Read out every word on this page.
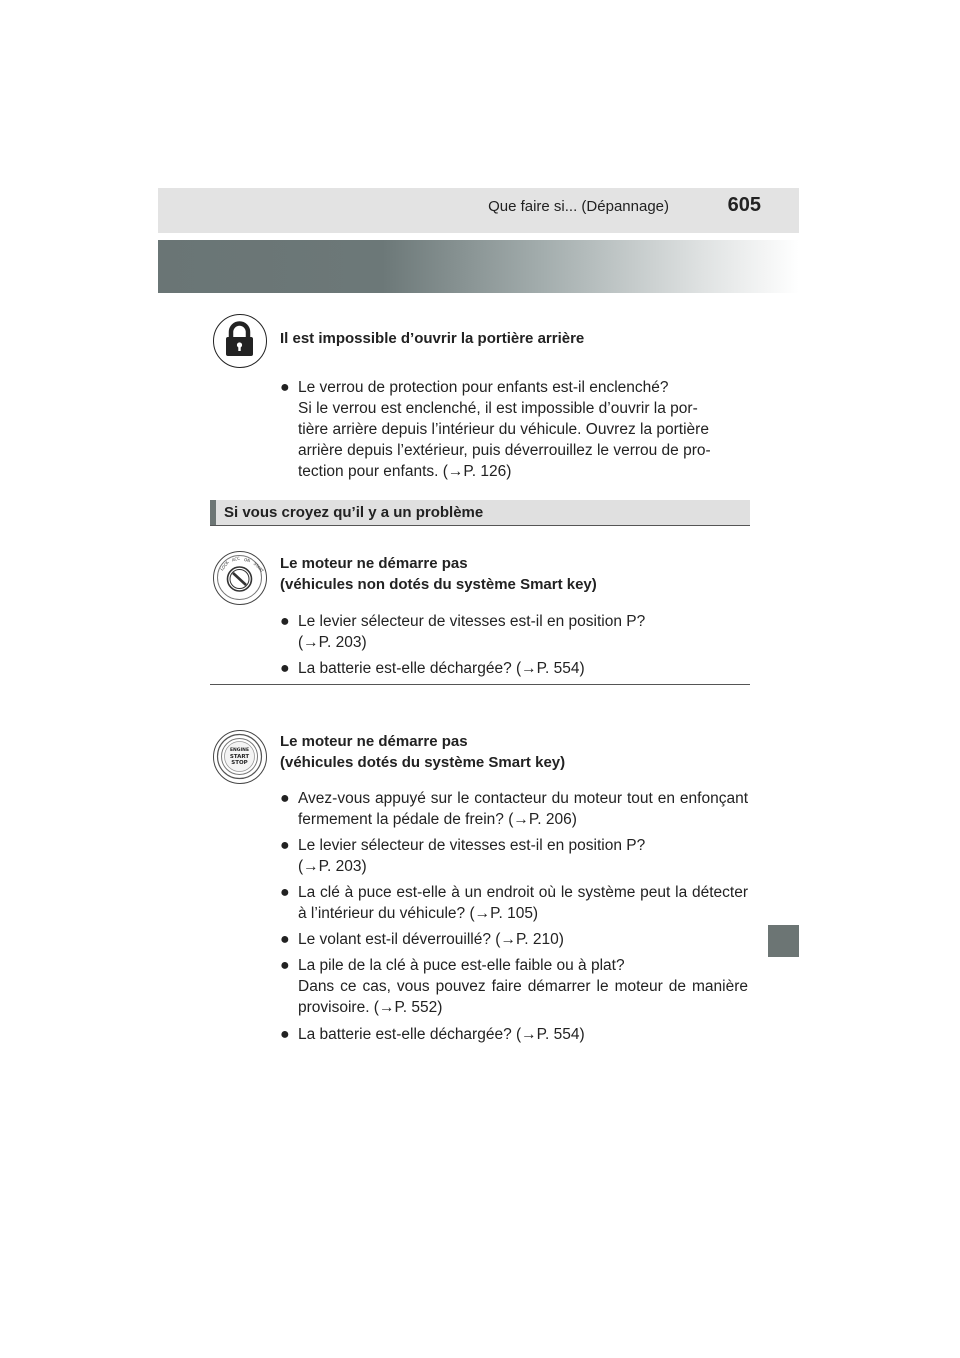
Que faire si... (Dépannage)	605
Il est impossible d’ouvrir la portière arrière
● Le verrou de protection pour enfants est-il enclenché?
Si le verrou est enclenché, il est impossible d’ouvrir la por-
tière arrière depuis l’intérieur du véhicule. Ouvrez la portière
arrière depuis l’extérieur, puis déverrouillez le verrou de pro-
tection pour enfants. (→P. 126)
Si vous croyez qu’il y a un problème
LOCK
ACC ON
START Le moteur ne démarre pas
(véhicules non dotés du système Smart key)
● Le levier sélecteur de vitesses est-il en position P?
(→P. 203)
● La batterie est-elle déchargée? (→P. 554)
ENGINE
START
STOP
Le moteur ne démarre pas
(véhicules dotés du système Smart key)
● Avez-vous appuyé sur le contacteur du moteur tout en enfonçant fermement la pédale de frein? (→P. 206)
● Le levier sélecteur de vitesses est-il en position P?
(→P. 203)
● La clé à puce est-elle à un endroit où le système peut la détecter à l’intérieur du véhicule? (→P. 105)
● Le volant est-il déverrouillé? (→P. 210)
● La pile de la clé à puce est-elle faible ou à plat?
Dans ce cas, vous pouvez faire démarrer le moteur de manière provisoire. (→P. 552)
● La batterie est-elle déchargée? (→P. 554)
